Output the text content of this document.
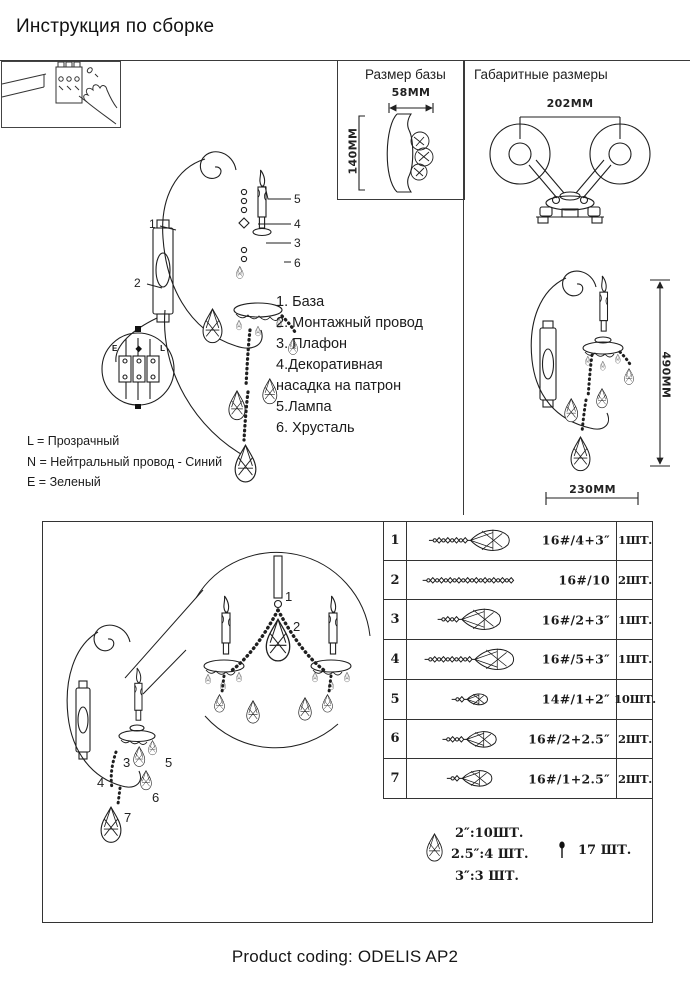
Инструкция по сборке
Размер базы
58MM
140MM
Габаритные размеры
202MM
490MM
230MM
1. База
2. Монтажный провод
3. Плафон
4.Декоративная насадка на патрон
5.Лампа
6. Хрусталь
L = Прозрачный
N = Нейтральный провод - Синий
E = Зеленый
E ◆ L
1
2
5
4
3
6
1
2
3
4
5
6
7
1	16#/4+3″ 1ШТ.
2	16#/10 2ШТ.
3	16#/2+3″ 1ШТ.
4	16#/5+3″ 1ШТ.
5	14#/1+2″ 10ШТ.
6	16#/2+2.5″ 2ШТ.
7	16#/1+2.5″ 2ШТ.
2″:10ШТ.
2.5″:4 ШТ.
3″:3 ШТ.
17 ШТ.
Product coding: ODELIS AP2
